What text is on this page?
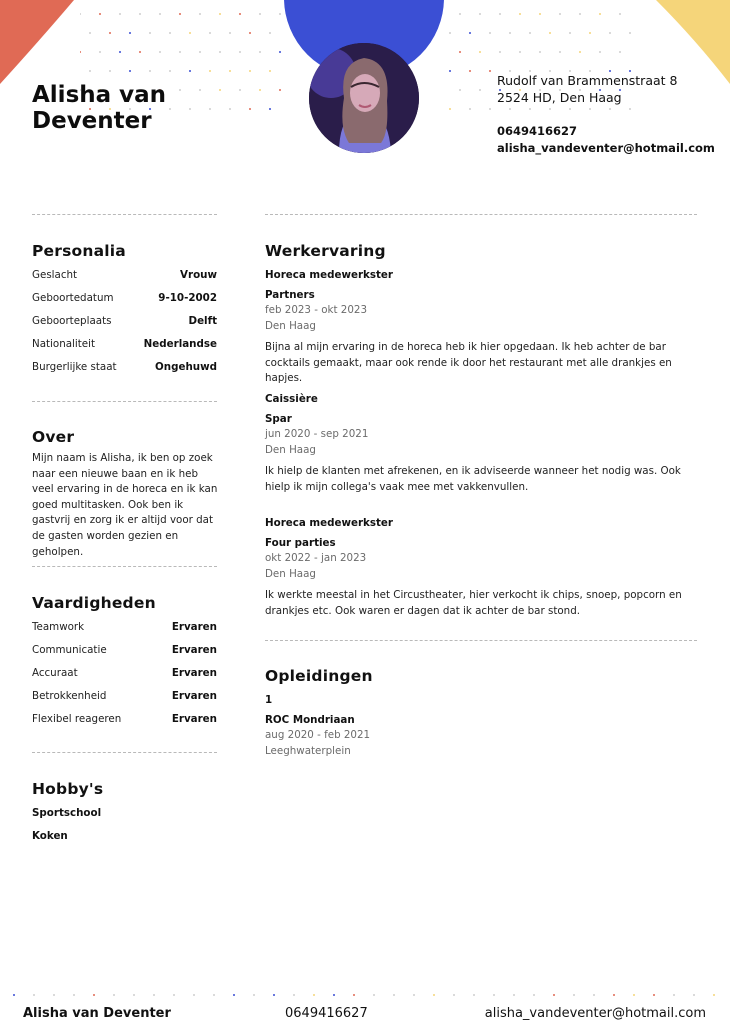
Alisha van Deventer
Rudolf van Brammenstraat 8
2524 HD, Den Haag
0649416627
alisha_vandeventer@hotmail.com
Personalia
Geslacht	Vrouw
Geboortedatum	9-10-2002
Geboorteplaats	Delft
Nationaliteit	Nederlandse
Burgerlijke staat	Ongehuwd
Over
Mijn naam is Alisha, ik ben op zoek naar een nieuwe baan en ik heb veel ervaring in de horeca en ik kan goed multitasken. Ook ben ik gastvrij en zorg ik er altijd voor dat de gasten worden gezien en geholpen.
Vaardigheden
Teamwork	Ervaren
Communicatie	Ervaren
Accuraat	Ervaren
Betrokkenheid	Ervaren
Flexibel reageren	Ervaren
Hobby's
Sportschool
Koken
Werkervaring
Horeca medewerkster
Partners
feb 2023 - okt 2023
Den Haag
Bijna al mijn ervaring in de horeca heb ik hier opgedaan. Ik heb achter de bar cocktails gemaakt, maar ook rende ik door het restaurant met alle drankjes en hapjes.
Caissière
Spar
jun 2020 - sep 2021
Den Haag
Ik hielp de klanten met afrekenen, en ik adviseerde wanneer het nodig was. Ook hielp ik mijn collega's vaak mee met vakkenvullen.
Horeca medewerkster
Four parties
okt 2022 - jan 2023
Den Haag
Ik werkte meestal in het Circustheater, hier verkocht ik chips, snoep, popcorn en drankjes etc. Ook waren er dagen dat ik achter de bar stond.
Opleidingen
1
ROC Mondriaan
aug 2020 - feb 2021
Leeghwaterplein
Alisha van Deventer	0649416627	alisha_vandeventer@hotmail.com
